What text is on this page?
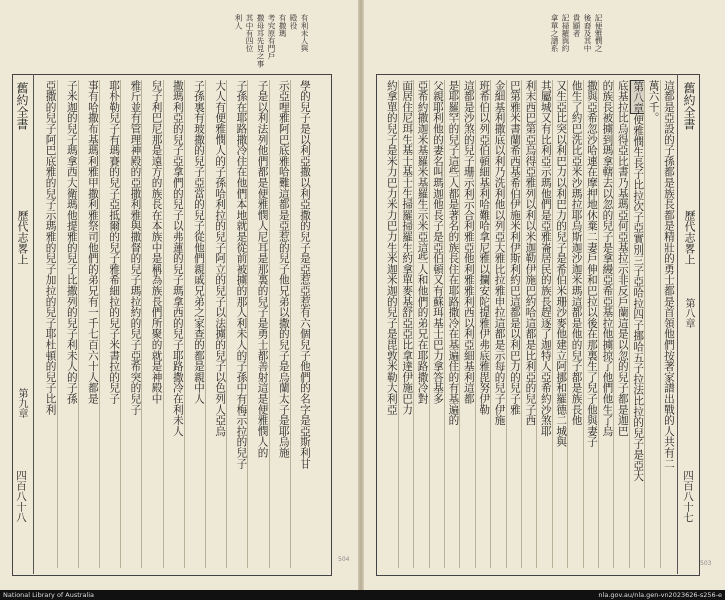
舊約全書
歷代志畧上
第九章
四百八十八
學的兒子是以利亞撒以利亞撒的兒子是亞惹亞惹有六個兒子他們的名字是亞斯利甘
示亞哩雅阿巴底雅哈難這都是亞惹的兒子他兄弟以撒的兒子是烏蘭太子是耶烏施
子是以利法列他們都是便雅憫人尼耳是那裏的兒子是勇士都善射這是便雅憫人的
子孫在耶路撒冷住在他們本地就是從前被擄的那人利未人的子孫中有梅示拉的兒子
大人有便雅憫人的子孫哈利拉的兒子阿立的兒子以法擄的兒子以色列人亞烏
子孫裏有玻撒的兒子亞當的兒子從他們親戚兄弟之家查的都是親中人
撒瑪利亞的兒子亞拿們的兒子以弗蓮的兒子瑪拿西的兒子耶路撒冷在利未人
兒子利巴尼那是遠方的族長在本族中是稱為族長們所聚的就是神殿中
雅斤並有管理神殿的亞撒利雅與撒督的兒子瑪拉約的兒子亞希突的兒子
耶朴勒兒子有瑪賽的兒子亞抵爾的兒子雅希細拉的兒子米書拉的兒子
事有哈撒布基瑪利雅甲撒利雅祭司他們的弟兄有一千七百六十人都是
子米迦的兒子瑪拿西大衛瑪他提雅的兒子比撒列的兒子利未人的子孫
亞撒的兒子阿巴底雅的兒子示瑪雅的兒子加拉的兒子耶杜頓的兒子比利
有利未人與
殿役
有撒瑪
考究原有門戶
撒母耳先見之事
其中有四位
利人
舊約全書
歷代志畧上
第八章
四百八十七
這都是亞設的子孫都是族長都是精壯的勇士都是首領他們按著家譜出戰的人共有二
萬六千。
第八章便雅憫生長子比拉次子亞實別三子亞哈拉四子挪哈五子拉法比拉的兒子是亞大
底基拉比烏得亞比書乃基瑪亞何亞基拉示非反戶蘭這是以忽的兒子都是迦巴
的族長被擄到瑪拿轄去以忽的兒子是拿縵亞希亞基拉他擄掠了他們他生了烏
撒與亞希忽沙哈連在摩押地休棄二妻戶伸和巴拉以後在那裏生了兒子他與妻子
他生了約巴洗比亞米沙瑪拉耶烏斯迦沙迦米瑪這都是他的兒子都是族長他
又生亞比突以利巴力以利巴力的兒子是希伯米珊沙麥他建立阿挪和羅德二城與
其屬城又有比利亞示瑪他們是亞雅崙居民的族長趕逐了迦特人亞希約沙煞耶
利末西巴第亞烏得亞雅列以利以米迦勒伊施巴約哈這都是比利亞的兒子西
巴第雅米書蘭希西基希伯伊施米利伊斯利約巴這都是以利巴力的兒子雅
金細基利撒底以利乃洗利他以列亞大雅比拉雅申拉這都是示每的兒子伊施
班希伯以列亞伯頓細基利哈難哈拿尼雅以攔安陀提雅伊弗底雅毘努伊勒
這都是沙煞的兒子珊示利示合利雅亞他利雅雅利西以利亞細基利這都
是耶羅罕的兒子這些人都是著名的族長住在耶路撒冷在基遍住的有基遍的
父親耶利他的妻名叫瑪迦他長子是亞伯頓又有蘇珥基士巴力拿答基多
亞希約撒迦米基羅米基羅生示米亞這些人和他們的弟兄在耶路撒冷對
面居住尼珥生基士基士生掃羅掃羅生約拿單麥基舒亞亞比拿達伊施巴力
約拿單的兒子是米力巴力米力巴力生米迦米迦的兒子是毘敦米勒大利亞
記便雅憫之
後裔及其中
貴顯者
記掃羅與約
拿單之譜系
504
503
National Library of Australia	nla.gov.au/nla.gen-vn2023626-s256-e
